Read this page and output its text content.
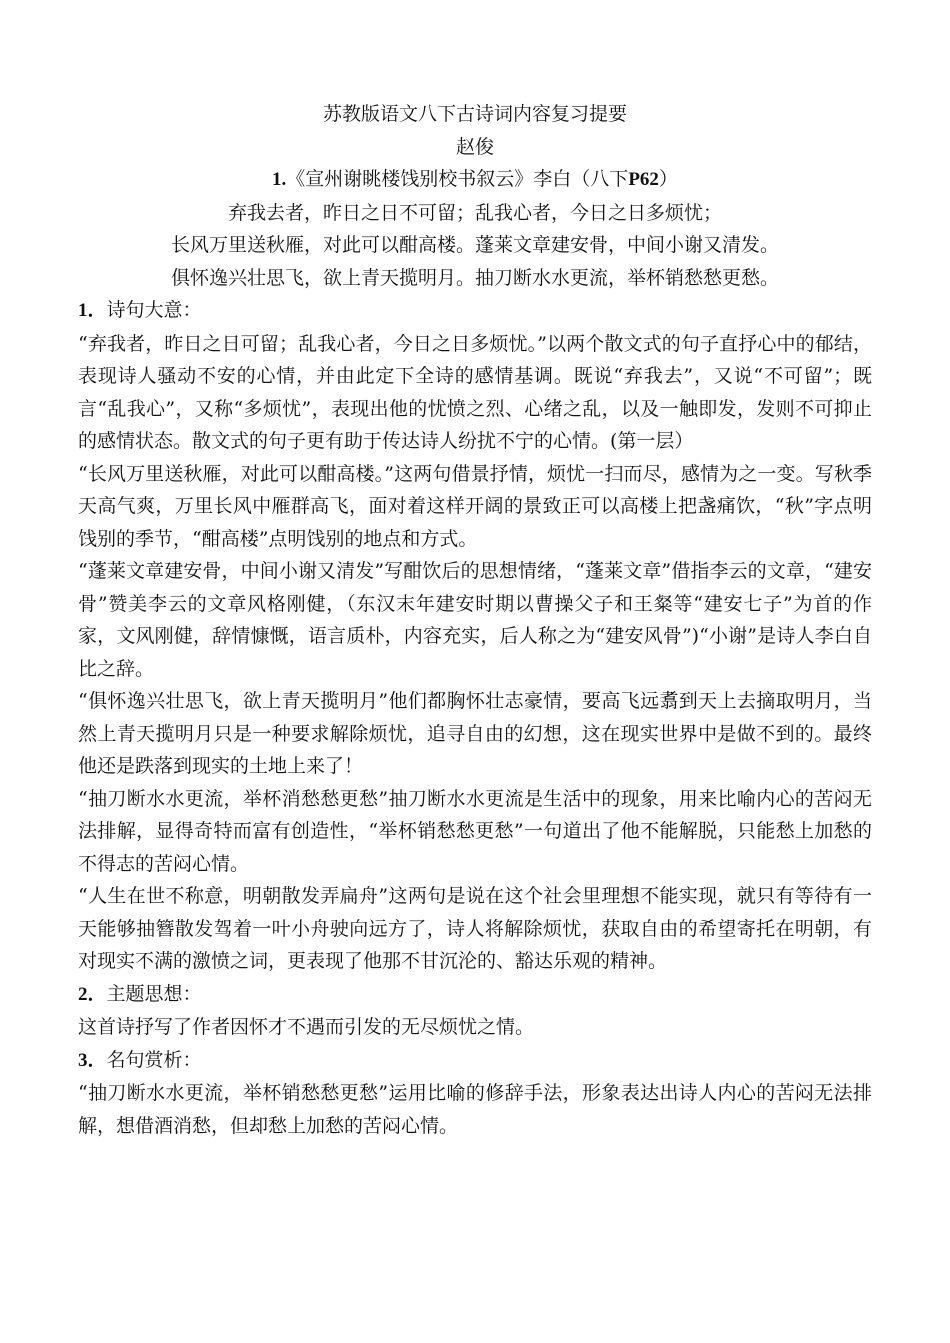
苏教版语文八下古诗词内容复习提要

赵俊

1.《宣州谢眺楼饯别校书叙云》李白（八下P62）

弃我去者，昨日之日不可留；乱我心者，今日之日多烦忧；

长风万里送秋雁，对此可以酣高楼。蓬莱文章建安骨，中间小谢又清发。

俱怀逸兴壮思飞，欲上青天揽明月。抽刀断水水更流，举杯销愁愁更愁。

1．诗句大意：

“弃我者，昨日之日可留；乱我心者，今日之日多烦忧。”以两个散文式的句子直抒心中的郁结，表现诗人骚动不安的心情，并由此定下全诗的感情基调。既说“弃我去”，又说“不可留”；既言“乱我心”，又称“多烦忧”，表现出他的忧愤之烈、心绪之乱，以及一触即发，发则不可抑止的感情状态。散文式的句子更有助于传达诗人纷扰不宁的心情。(第一层）

“长风万里送秋雁，对此可以酣高楼。”这两句借景抒情，烦忧一扫而尽，感情为之一变。写秋季天高气爽，万里长风中雁群高飞，面对着这样开阔的景致正可以高楼上把盏痛饮，“秋”字点明饯别的季节，“酣高楼”点明饯别的地点和方式。

“蓬莱文章建安骨，中间小谢又清发”写酣饮后的思想情绪，“蓬莱文章”借指李云的文章，“建安骨”赞美李云的文章风格刚健，（东汉末年建安时期以曹操父子和王粲等“建安七子”为首的作家，文风刚健，辞情慷慨，语言质朴，内容充实，后人称之为“建安风骨”)“小谢”是诗人李白自比之辞。

“俱怀逸兴壮思飞，欲上青天揽明月”他们都胸怀壮志豪情，要高飞远翥到天上去摘取明月，当然上青天揽明月只是一种要求解除烦忧，追寻自由的幻想，这在现实世界中是做不到的。最终他还是跌落到现实的土地上来了！

“抽刀断水水更流，举杯消愁愁更愁”抽刀断水水更流是生活中的现象，用来比喻内心的苦闷无法排解，显得奇特而富有创造性，“举杯销愁愁更愁”一句道出了他不能解脱，只能愁上加愁的不得志的苦闷心情。

“人生在世不称意，明朝散发弄扁舟”这两句是说在这个社会里理想不能实现，就只有等待有一天能够抽簪散发驾着一叶小舟驶向远方了，诗人将解除烦忧，获取自由的希望寄托在明朝，有对现实不满的激愤之词，更表现了他那不甘沉沦的、豁达乐观的精神。

2．主题思想：

这首诗抒写了作者因怀才不遇而引发的无尽烦忧之情。

3．名句赏析：

“抽刀断水水更流，举杯销愁愁更愁”运用比喻的修辞手法，形象表达出诗人内心的苦闷无法排解，想借酒消愁，但却愁上加愁的苦闷心情。
